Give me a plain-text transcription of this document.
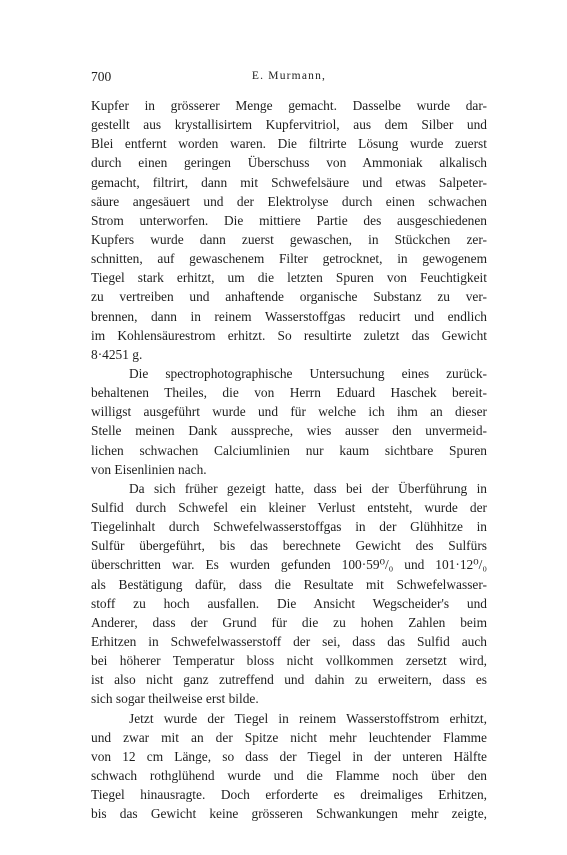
700	E. Murmann,
Kupfer in grösserer Menge gemacht. Dasselbe wurde dar-
gestellt aus krystallisirtem Kupfervitriol, aus dem Silber und
Blei entfernt worden waren. Die filtrirte Lösung wurde zuerst
durch einen geringen Überschuss von Ammoniak alkalisch
gemacht, filtrirt, dann mit Schwefelsäure und etwas Salpeter-
säure angesäuert und der Elektrolyse durch einen schwachen
Strom unterworfen. Die mittiere Partie des ausgeschiedenen
Kupfers wurde dann zuerst gewaschen, in Stückchen zer-
schnitten, auf gewaschenem Filter getrocknet, in gewogenem
Tiegel stark erhitzt, um die letzten Spuren von Feuchtigkeit
zu vertreiben und anhaftende organische Substanz zu ver-
brennen, dann in reinem Wasserstoffgas reducirt und endlich
im Kohlensäurestrom erhitzt. So resultirte zuletzt das Gewicht
8·4251 g.
Die spectrophotographische Untersuchung eines zurück-
behaltenen Theiles, die von Herrn Eduard Haschek bereit-
willigst ausgeführt wurde und für welche ich ihm an dieser
Stelle meinen Dank ausspreche, wies ausser den unvermeid-
lichen schwachen Calciumlinien nur kaum sichtbare Spuren
von Eisenlinien nach.
Da sich früher gezeigt hatte, dass bei der Überführung in
Sulfid durch Schwefel ein kleiner Verlust entsteht, wurde der
Tiegelinhalt durch Schwefelwasserstoffgas in der Glühhitze in
Sulfür übergeführt, bis das berechnete Gewicht des Sulfürs
überschritten war. Es wurden gefunden 100·59⁰/₀ und 101·12⁰/₀
als Bestätigung dafür, dass die Resultate mit Schwefelwasser-
stoff zu hoch ausfallen. Die Ansicht Wegscheider's und
Anderer, dass der Grund für die zu hohen Zahlen beim
Erhitzen in Schwefelwasserstoff der sei, dass das Sulfid auch
bei höherer Temperatur bloss nicht vollkommen zersetzt wird,
ist also nicht ganz zutreffend und dahin zu erweitern, dass es
sich sogar theilweise erst bilde.
Jetzt wurde der Tiegel in reinem Wasserstoffstrom erhitzt,
und zwar mit an der Spitze nicht mehr leuchtender Flamme
von 12 cm Länge, so dass der Tiegel in der unteren Hälfte
schwach rothglühend wurde und die Flamme noch über den
Tiegel hinausragte. Doch erforderte es dreimaliges Erhitzen,
bis das Gewicht keine grösseren Schwankungen mehr zeigte,
